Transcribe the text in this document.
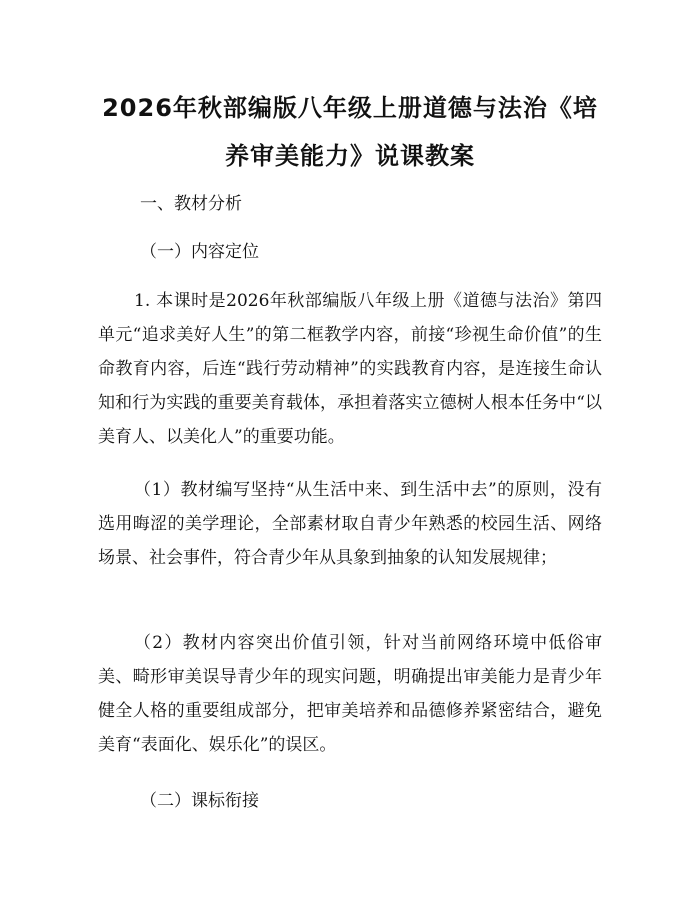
2026年秋部编版八年级上册道德与法治《培养审美能力》说课教案

一、教材分析

（一）内容定位

1. 本课时是2026年秋部编版八年级上册《道德与法治》第四单元“追求美好人生”的第二框教学内容，前接“珍视生命价值”的生命教育内容，后连“践行劳动精神”的实践教育内容，是连接生命认知和行为实践的重要美育载体，承担着落实立德树人根本任务中“以美育人、以美化人”的重要功能。

（1）教材编写坚持“从生活中来、到生活中去”的原则，没有选用晦涩的美学理论，全部素材取自青少年熟悉的校园生活、网络场景、社会事件，符合青少年从具象到抽象的认知发展规律；

（2）教材内容突出价值引领，针对当前网络环境中低俗审美、畸形审美误导青少年的现实问题，明确提出审美能力是青少年健全人格的重要组成部分，把审美培养和品德修养紧密结合，避免美育“表面化、娱乐化”的误区。

（二）课标衔接
